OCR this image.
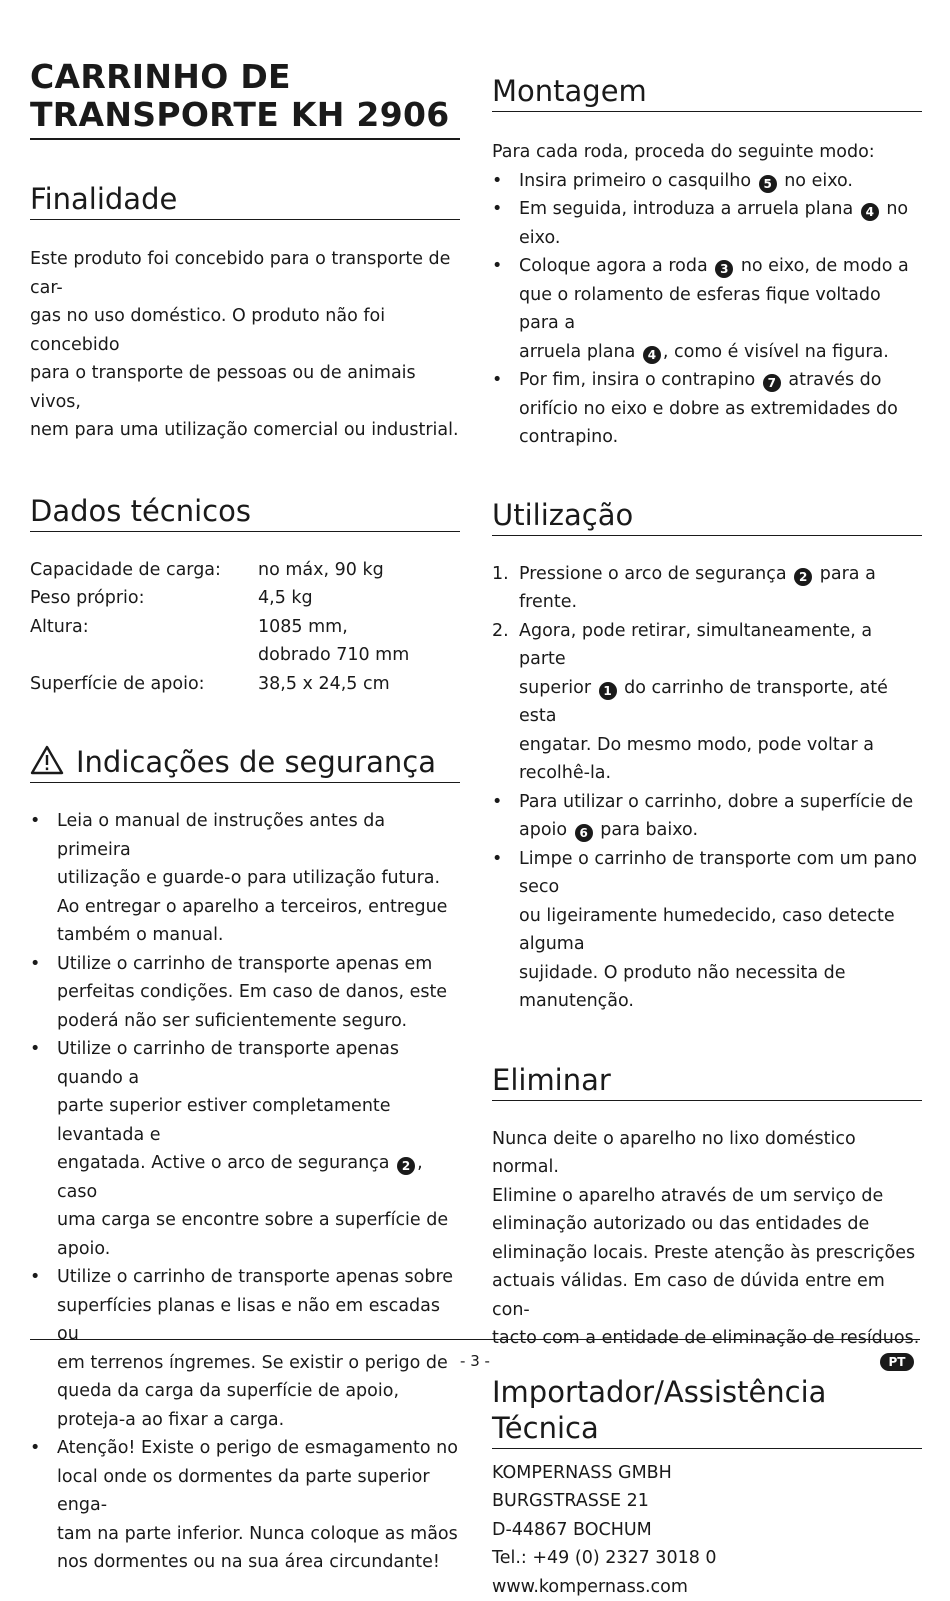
CARRINHO DE
TRANSPORTE KH 2906
Finalidade
Este produto foi concebido para o transporte de car-
gas no uso doméstico. O produto não foi concebido
para o transporte de pessoas ou de animais vivos,
nem para uma utilização comercial ou industrial.
Dados técnicos
Capacidade de carga:	no máx, 90 kg
Peso próprio:	4,5 kg
Altura:	1085 mm,
dobrado 710 mm
Superfície de apoio:	38,5 x 24,5 cm
Indicações de segurança
• Leia o manual de instruções antes da primeira
utilização e guarde-o para utilização futura.
Ao entregar o aparelho a terceiros, entregue
também o manual.
• Utilize o carrinho de transporte apenas em
perfeitas condições. Em caso de danos, este
poderá não ser suficientemente seguro.
• Utilize o carrinho de transporte apenas quando a
parte superior estiver completamente levantada e
engatada. Active o arco de segurança 2 , caso
uma carga se encontre sobre a superfície de apoio.
• Utilize o carrinho de transporte apenas sobre
superfícies planas e lisas e não em escadas ou
em terrenos íngremes. Se existir o perigo de
queda da carga da superfície de apoio,
proteja-a ao fixar a carga.
• Atenção! Existe o perigo de esmagamento no
local onde os dormentes da parte superior enga-
tam na parte inferior. Nunca coloque as mãos
nos dormentes ou na sua área circundante!
Montagem

Para cada roda, proceda do seguinte modo:

• Insira primeiro o casquilho 5 no eixo.
• Em seguida, introduza a arruela plana 4 no
eixo.
• Coloque agora a roda 3 no eixo, de modo a
que o rolamento de esferas fique voltado para a
arruela plana 4 , como é visível na figura.
• Por fim, insira o contrapino 7 através do
orifício no eixo e dobre as extremidades do
contrapino.
Utilização
1. Pressione o arco de segurança 2 para a frente.
2. Agora, pode retirar, simultaneamente, a parte
superior 1 do carrinho de transporte, até esta
engatar. Do mesmo modo, pode voltar a recolhê-la.
• Para utilizar o carrinho, dobre a superfície de
apoio 6 para baixo.
• Limpe o carrinho de transporte com um pano seco
ou ligeiramente humedecido, caso detecte alguma
sujidade. O produto não necessita de manutenção.
Eliminar
Nunca deite o aparelho no lixo doméstico normal.
Elimine o aparelho através de um serviço de
eliminação autorizado ou das entidades de
eliminação locais. Preste atenção às prescrições
actuais válidas. Em caso de dúvida entre em con-
tacto com a entidade de eliminação de resíduos.
Importador/Assistência Técnica
KOMPERNASS GMBH
BURGSTRASSE 21
D-44867 BOCHUM
Tel.: +49 (0) 2327 3018 0
www.kompernass.com
- 3 -	PT
